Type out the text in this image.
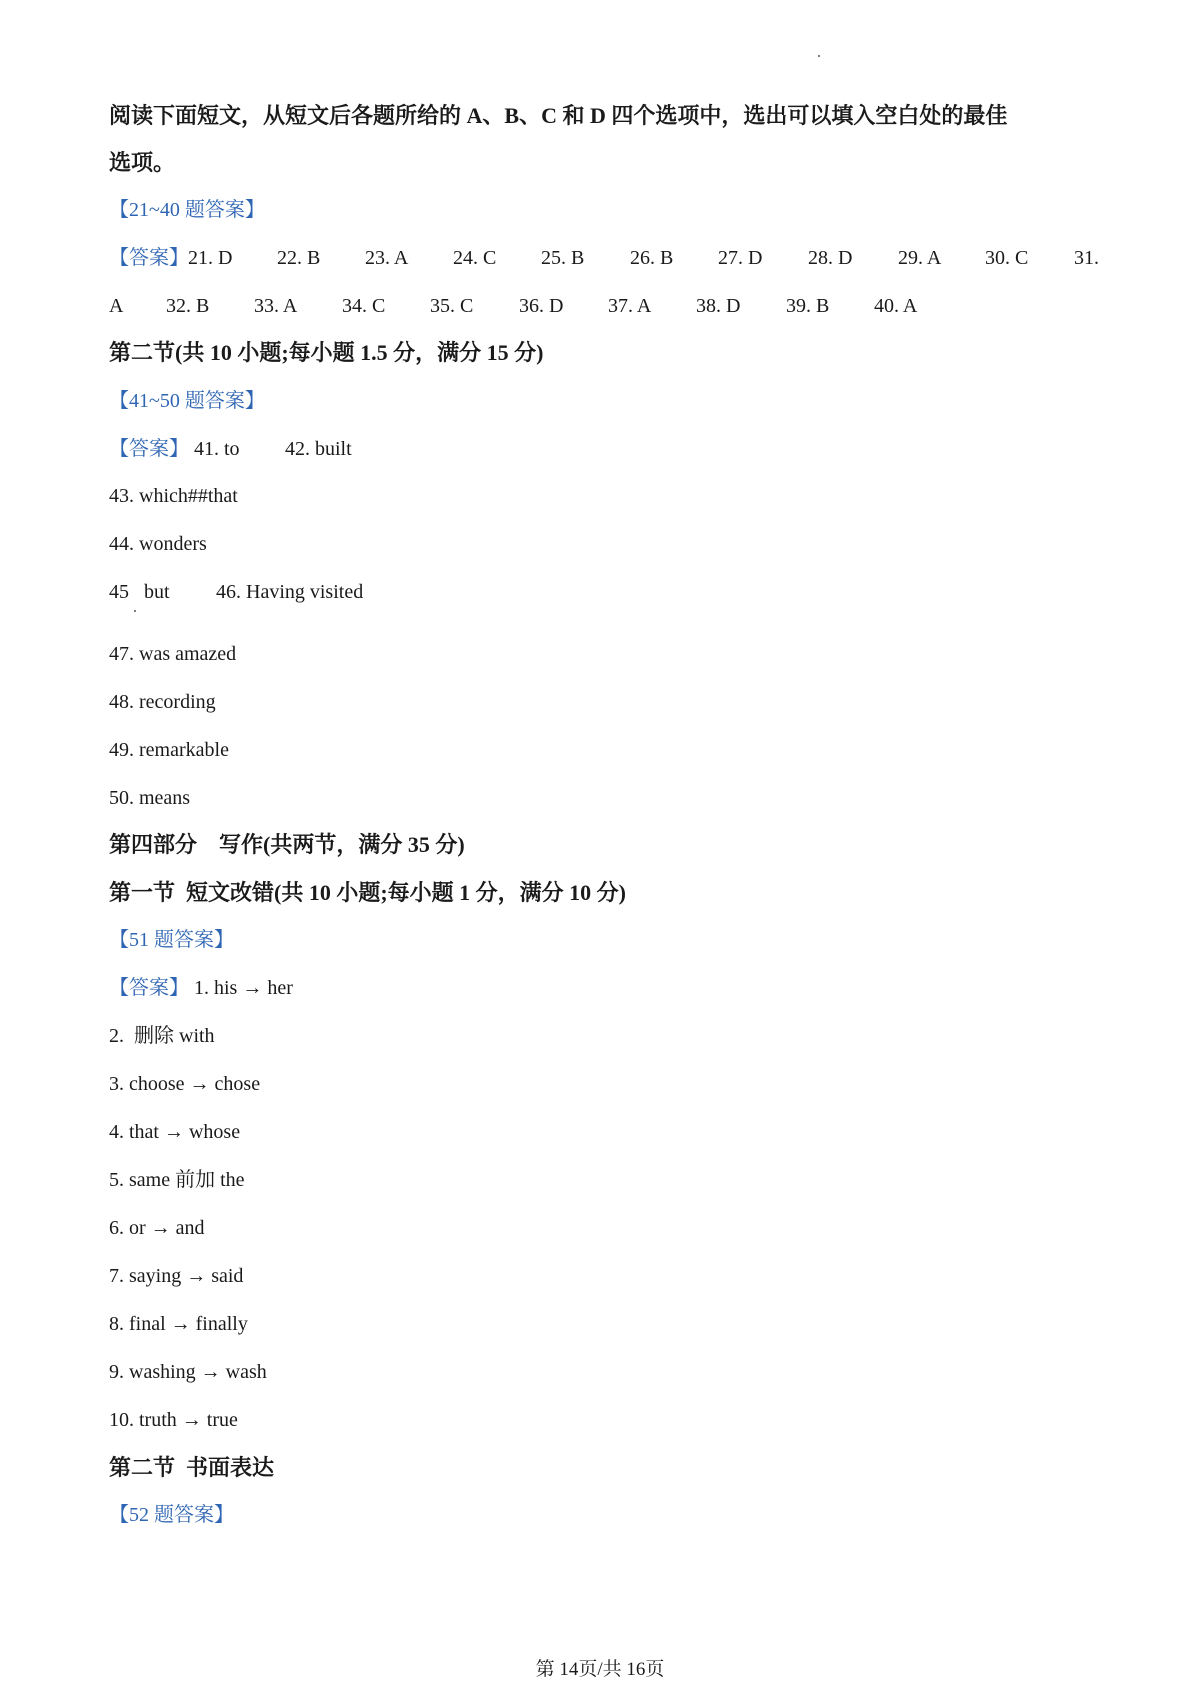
阅读下面短文，从短文后各题所给的 A、B、C 和 D 四个选项中，选出可以填入空白处的最佳
选项。
【21~40 题答案】
【答案】 21. D 22. B 23. A 24. C 25. B 26. B 27. D 28. D 29. A 30. C 31.
A 32. B 33. A 34. C 35. C 36. D 37. A 38. D 39. B 40. A
第二节(共 10 小题;每小题 1.5 分，满分 15 分)
【41~50 题答案】
【答案】 41. to 42. built
43. which##that
44. wonders
45   but 46. Having visited
47. was amazed
48. recording
49. remarkable
50. means
第四部分    写作(共两节，满分 35 分)
第一节  短文改错(共 10 小题;每小题 1 分，满分 10 分)
【51 题答案】
【答案】 1. his → her
2.  删除 with
3. choose → chose
4. that → whose
5. same 前加 the
6. or → and
7. saying → said
8. final → finally
9. washing → wash
10. truth → true
第二节  书面表达
【52 题答案】
第 14页/共 16页
